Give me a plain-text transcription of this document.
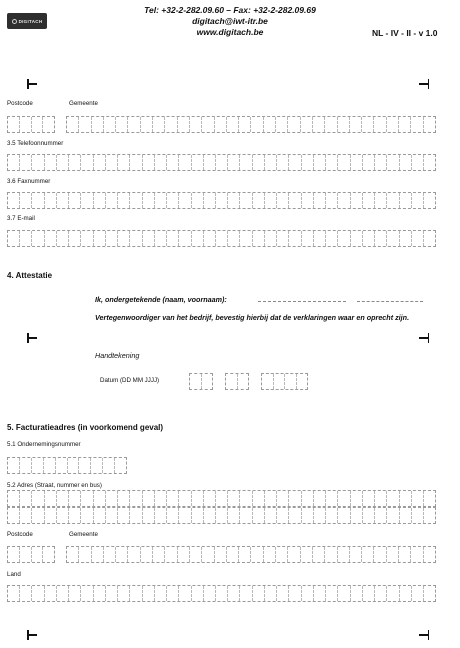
DIGITACH
Tel: +32-2-282.09.60 – Fax: +32-2-282.09.69
digitach@iwt-itr.be
www.digitach.be	NL - IV - II - v 1.0
Postcode	Gemeente
3.5 Telefoonnummer
3.6 Faxnummer
3.7 E-mail
4. Attestatie
Ik, ondergetekende (naam, voornaam):
Vertegenwoordiger van het bedrijf, bevestig hierbij dat de verklaringen waar en oprecht zijn.
Handtekening
Datum (DD MM JJJJ)
5. Facturatieadres (in voorkomend geval)
5.1 Ondernemingsnummer
5.2 Adres (Straat, nummer en bus)
Postcode	Gemeente
Land
